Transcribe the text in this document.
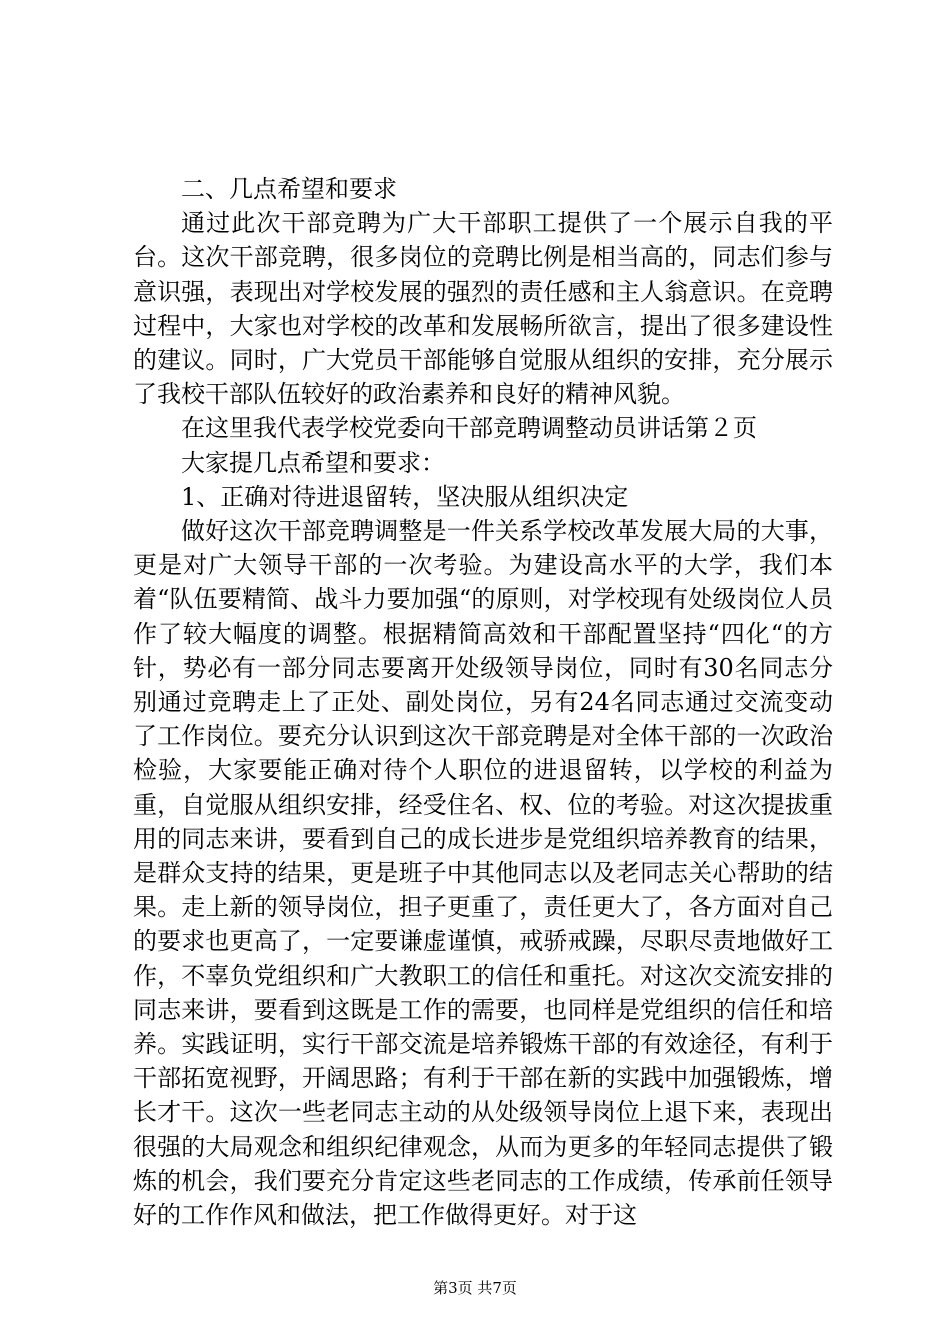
二、几点希望和要求

通过此次干部竞聘为广大干部职工提供了一个展示自我的平台。这次干部竞聘，很多岗位的竞聘比例是相当高的，同志们参与意识强，表现出对学校发展的强烈的责任感和主人翁意识。在竞聘过程中，大家也对学校的改革和发展畅所欲言，提出了很多建设性的建议。同时，广大党员干部能够自觉服从组织的安排，充分展示了我校干部队伍较好的政治素养和良好的精神风貌。

在这里我代表学校党委向干部竞聘调整动员讲话第２页

大家提几点希望和要求：

1、正确对待进退留转，坚决服从组织决定

做好这次干部竞聘调整是一件关系学校改革发展大局的大事，更是对广大领导干部的一次考验。为建设高水平的大学，我们本着“队伍要精简、战斗力要加强“的原则，对学校现有处级岗位人员作了较大幅度的调整。根据精简高效和干部配置坚持“四化“的方针，势必有一部分同志要离开处级领导岗位，同时有30名同志分别通过竞聘走上了正处、副处岗位，另有24名同志通过交流变动了工作岗位。要充分认识到这次干部竞聘是对全体干部的一次政治检验，大家要能正确对待个人职位的进退留转，以学校的利益为重，自觉服从组织安排，经受住名、权、位的考验。对这次提拔重用的同志来讲，要看到自己的成长进步是党组织培养教育的结果，是群众支持的结果，更是班子中其他同志以及老同志关心帮助的结果。走上新的领导岗位，担子更重了，责任更大了，各方面对自己的要求也更高了，一定要谦虚谨慎，戒骄戒躁，尽职尽责地做好工作，不辜负党组织和广大教职工的信任和重托。对这次交流安排的同志来讲，要看到这既是工作的需要，也同样是党组织的信任和培养。实践证明，实行干部交流是培养锻炼干部的有效途径，有利于干部拓宽视野，开阔思路；有利于干部在新的实践中加强锻炼，增长才干。这次一些老同志主动的从处级领导岗位上退下来，表现出很强的大局观念和组织纪律观念，从而为更多的年轻同志提供了锻炼的机会，我们要充分肯定这些老同志的工作成绩，传承前任领导好的工作作风和做法，把工作做得更好。对于这

第3页 共7页
